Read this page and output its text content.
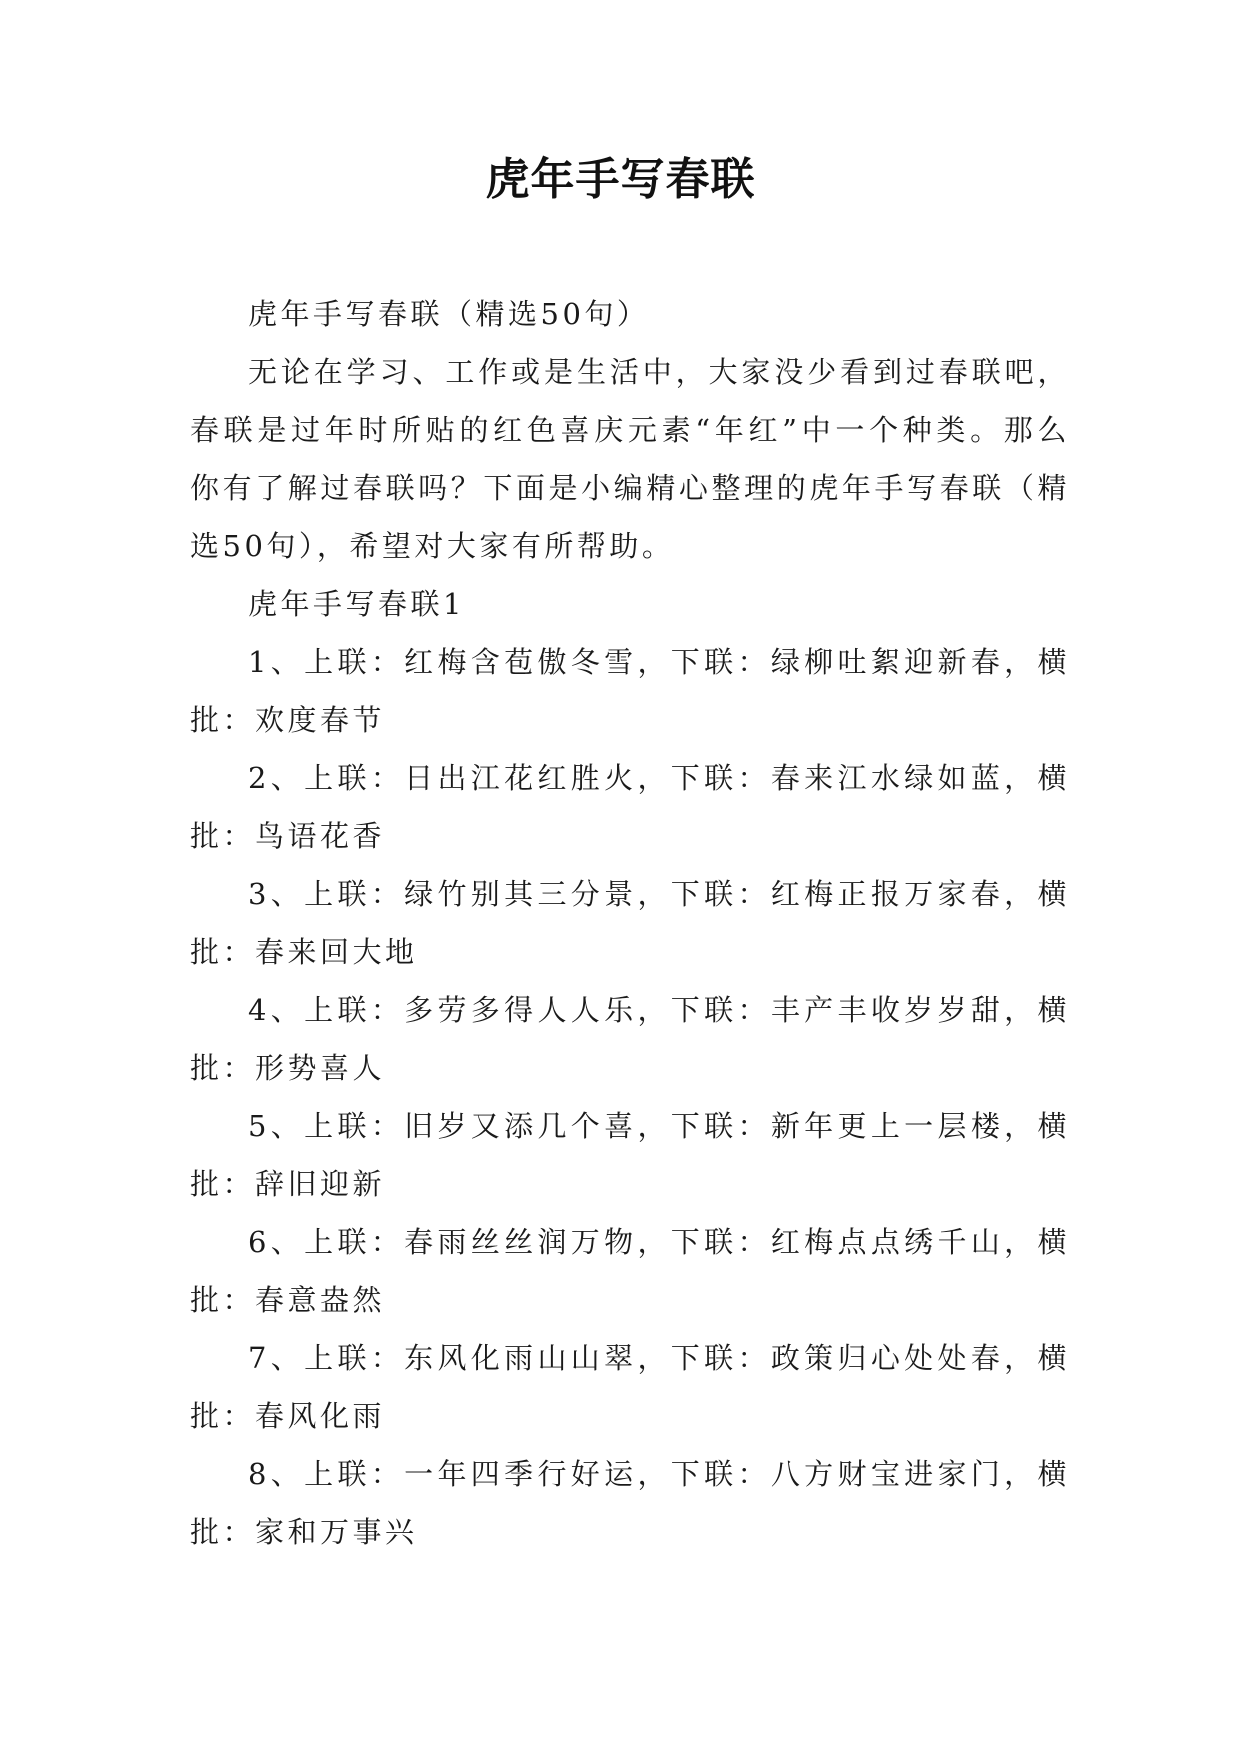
虎年手写春联

虎年手写春联（精选50句）

无论在学习、工作或是生活中，大家没少看到过春联吧，春联是过年时所贴的红色喜庆元素“年红”中一个种类。那么你有了解过春联吗？下面是小编精心整理的虎年手写春联（精选50句），希望对大家有所帮助。

虎年手写春联1

1、上联：红梅含苞傲冬雪，下联：绿柳吐絮迎新春，横批：欢度春节

2、上联：日出江花红胜火，下联：春来江水绿如蓝，横批：鸟语花香

3、上联：绿竹别其三分景，下联：红梅正报万家春，横批：春来回大地

4、上联：多劳多得人人乐，下联：丰产丰收岁岁甜，横批：形势喜人

5、上联：旧岁又添几个喜，下联：新年更上一层楼，横批：辞旧迎新

6、上联：春雨丝丝润万物，下联：红梅点点绣千山，横批：春意盎然

7、上联：东风化雨山山翠，下联：政策归心处处春，横批：春风化雨

8、上联：一年四季行好运，下联：八方财宝进家门，横批：家和万事兴
